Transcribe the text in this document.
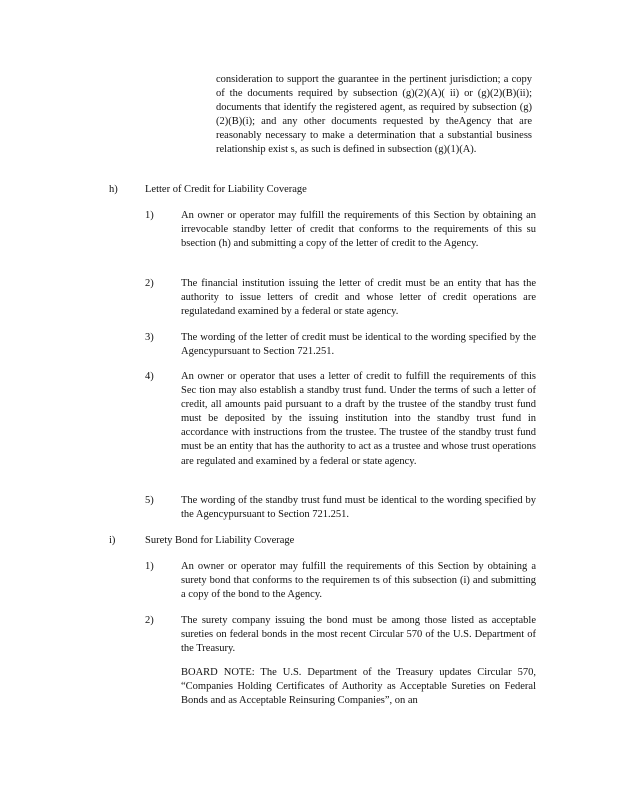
consideration to support the guarantee in the pertinent jurisdiction; a copy of the documents required by subsection (g)(2)(A)( ii) or (g)(2)(B)(ii); documents that identify the registered agent, as required by subsection (g)(2)(B)(i); and any other documents requested by theAgency that are reasonably necessary to make a determination that a substantial business relationship exist s, as such is defined in subsection (g)(1)(A).
h)	Letter of Credit for Liability Coverage
1)	An owner or operator may fulfill the requirements of this Section by obtaining an irrevocable standby letter of credit that conforms to the requirements of this su bsection (h) and submitting a copy of the letter of credit to the Agency.
2)	The financial institution issuing the letter of credit must be an entity that has the authority to issue letters of credit and whose letter of credit operations are regulatedand examined by a federal or state agency.
3)	The wording of the letter of credit must be identical to the wording specified by the Agencypursuant to Section 721.251.
4)	An owner or operator that uses a letter of credit to fulfill the requirements of this Sec tion may also establish a standby trust fund. Under the terms of such a letter of credit, all amounts paid pursuant to a draft by the trustee of the standby trust fund must be deposited by the issuing institution into the standby trust fund in accordance with instructions from the trustee. The trustee of the standby trust fund must be an entity that has the authority to act as a trustee and whose trust operations are regulated and examined by a federal or state agency.
5)	The wording of the standby trust fund must be identical to the wording specified by the Agencypursuant to Section 721.251.
i)	Surety Bond for Liability Coverage
1)	An owner or operator may fulfill the requirements of this Section by obtaining a surety bond that conforms to the requiremen ts of this subsection (i) and submitting a copy of the bond to the Agency.
2)	The surety company issuing the bond must be among those listed as acceptable sureties on federal bonds in the most recent Circular 570 of the U.S. Department of the Treasury.
BOARD NOTE: The U.S. Department of the Treasury updates Circular 570, “Companies Holding Certificates of Authority as Acceptable Sureties on Federal Bonds and as Acceptable Reinsuring Companies”, on an
